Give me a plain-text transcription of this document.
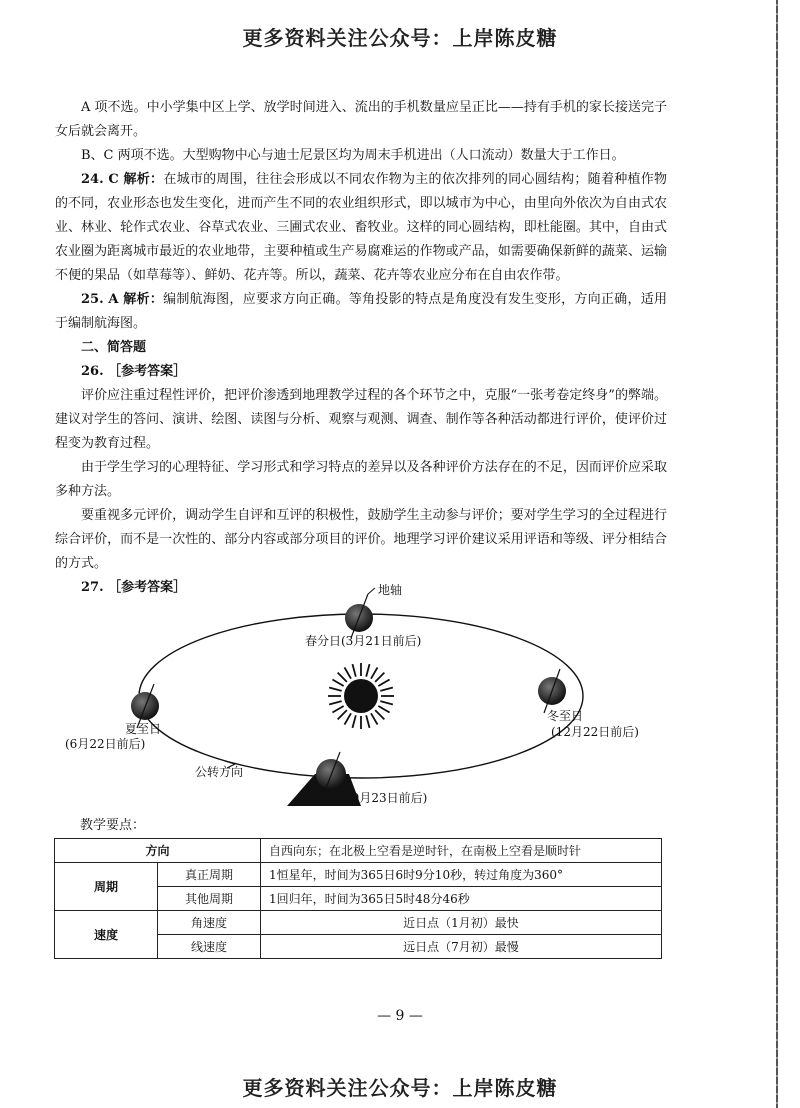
更多资料关注公众号：上岸陈皮糖

A 项不选。中小学集中区上学、放学时间进入、流出的手机数量应呈正比——持有手机的家长接送完子女后就会离开。

B、C 两项不选。大型购物中心与迪士尼景区均为周末手机进出（人口流动）数量大于工作日。

24. C 解析：在城市的周围，往往会形成以不同农作物为主的依次排列的同心圆结构；随着种植作物的不同，农业形态也发生变化，进而产生不同的农业组织形式，即以城市为中心，由里向外依次为自由式农业、林业、轮作式农业、谷草式农业、三圃式农业、畜牧业。这样的同心圆结构，即杜能圈。其中，自由式农业圈为距离城市最近的农业地带，主要种植或生产易腐难运的作物或产品，如需要确保新鲜的蔬菜、运输不便的果品（如草莓等）、鲜奶、花卉等。所以，蔬菜、花卉等农业应分布在自由农作带。

25. A 解析：编制航海图，应要求方向正确。等角投影的特点是角度没有发生变形，方向正确，适用于编制航海图。

二、简答题

26. ［参考答案］

评价应注重过程性评价，把评价渗透到地理教学过程的各个环节之中，克服“一张考卷定终身”的弊端。建议对学生的答问、演讲、绘图、读图与分析、观察与观测、调查、制作等各种活动都进行评价，使评价过程变为教育过程。

由于学生学习的心理特征、学习形式和学习特点的差异以及各种评价方法存在的不足，因而评价应采取多种方法。

要重视多元评价，调动学生自评和互评的积极性，鼓励学生主动参与评价；要对学生学习的全过程进行综合评价，而不是一次性的、部分内容或部分项目的评价。地理学习评价建议采用评语和等级、评分相结合的方式。

27. ［参考答案］	地轴
春分日(3月21日前后)
夏至日
(6月22日前后)
冬至日
(12月22日前后)
(9月23日前后)
公转方向
教学要点：
方向		自西向东；在北极上空看是逆时针，在南极上空看是顺时针
周期	真正周期	1恒星年，时间为365日6时9分10秒，转过角度为360°
	其他周期	1回归年，时间为365日5时48分46秒
速度	角速度	近日点（1月初）最快
	线速度	远日点（7月初）最慢
— 9 —
更多资料关注公众号：上岸陈皮糖
